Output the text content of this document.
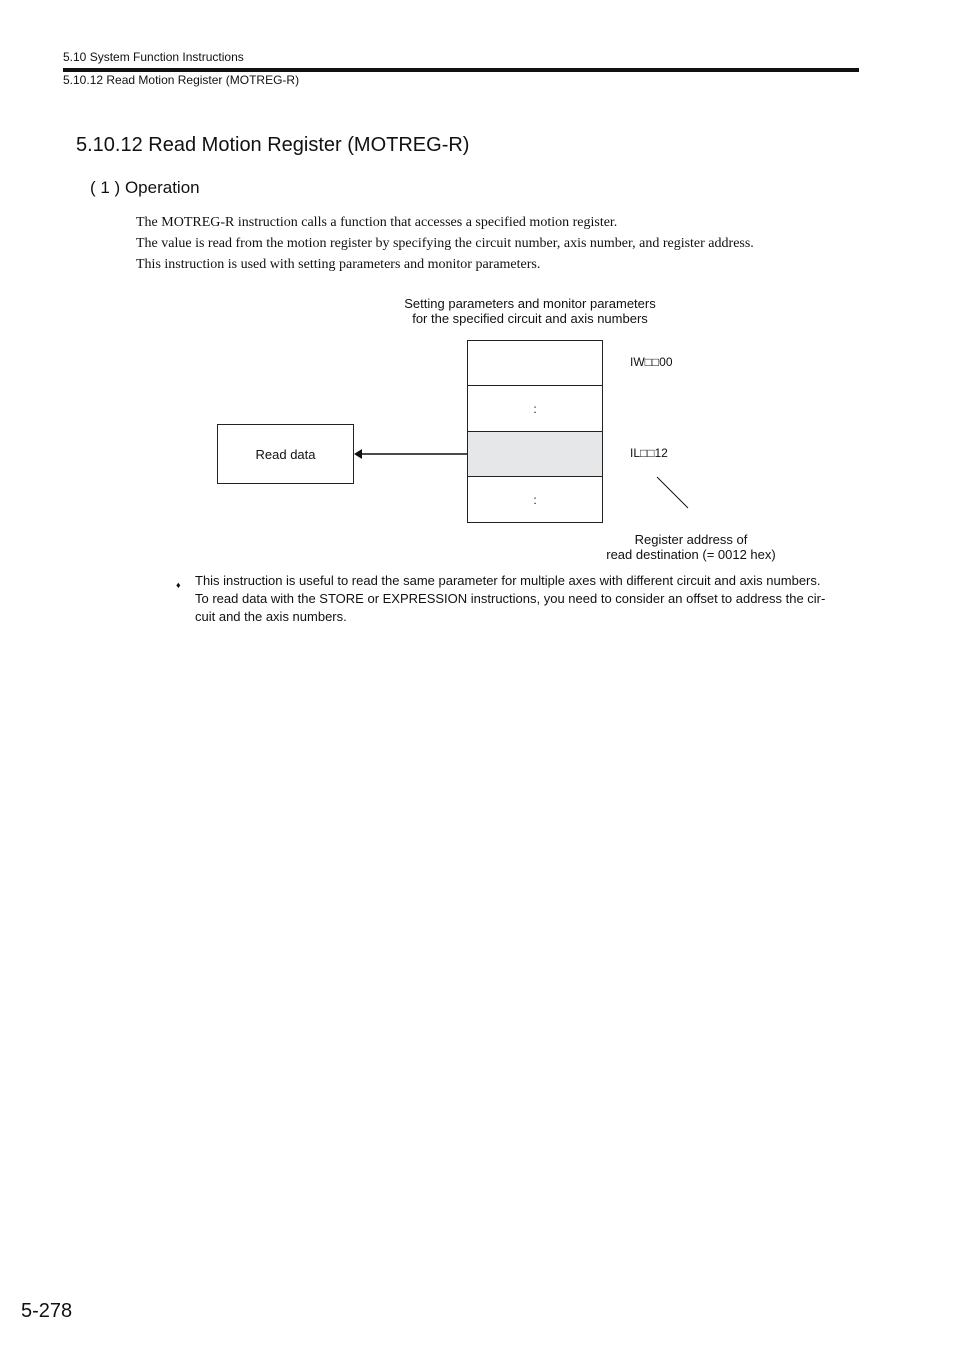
5.10 System Function Instructions
5.10.12 Read Motion Register (MOTREG-R)
5.10.12 Read Motion Register (MOTREG-R)
( 1 ) Operation
The MOTREG-R instruction calls a function that accesses a specified motion register.
The value is read from the motion register by specifying the circuit number, axis number, and register address.
This instruction is used with setting parameters and monitor parameters.
Setting parameters and monitor parameters
for the specified circuit and axis numbers
:
:
Read data
IW□□00
IL□□12
Register address of
read destination (= 0012 hex)
♦ This instruction is useful to read the same parameter for multiple axes with different circuit and axis numbers.
To read data with the STORE or EXPRESSION instructions, you need to consider an offset to address the cir-
cuit and the axis numbers.
5-278
